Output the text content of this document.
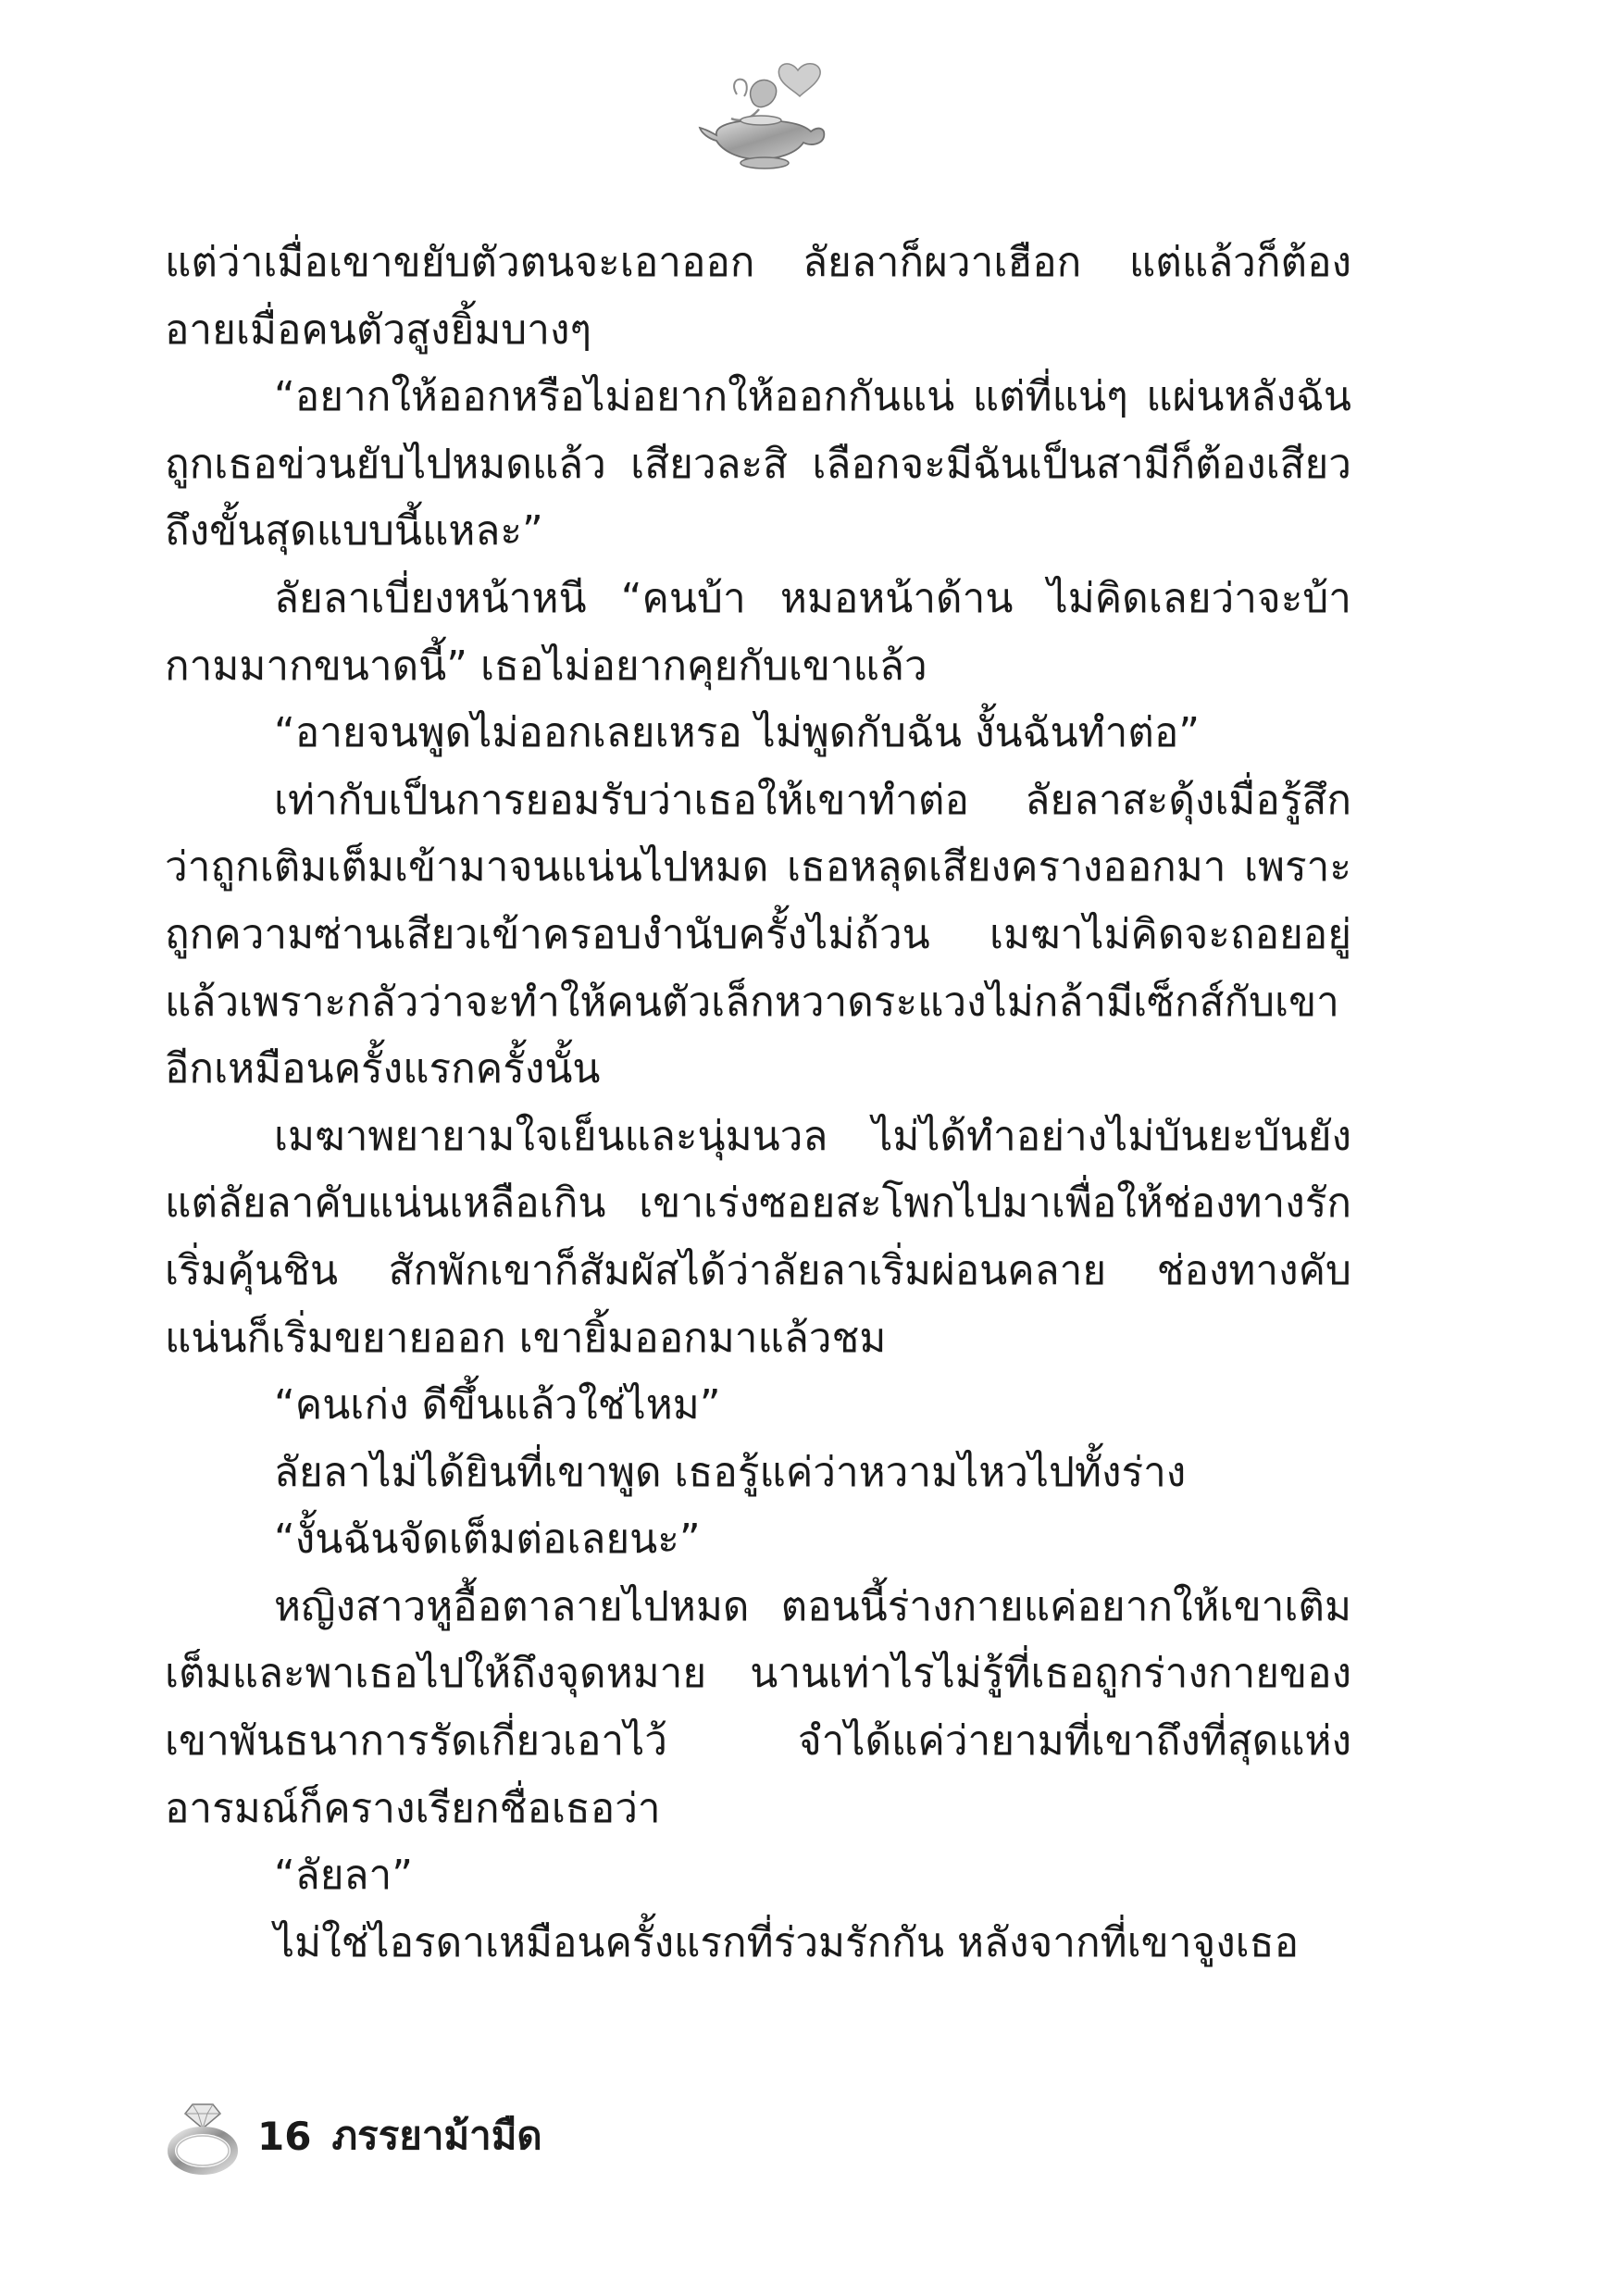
แต่ว่าเมื่อเขาขยับตัวตนจะเอาออก ลัยลาก็ผวาเฮือก แต่แล้วก็ต้องอายเมื่อคนตัวสูงยิ้มบางๆ

“อยากให้ออกหรือไม่อยากให้ออกกันแน่ แต่ที่แน่ๆ แผ่นหลังฉันถูกเธอข่วนยับไปหมดแล้ว เสียวละสิ เลือกจะมีฉันเป็นสามีก็ต้องเสียวถึงขั้นสุดแบบนี้แหละ”

ลัยลาเบี่ยงหน้าหนี “คนบ้า หมอหน้าด้าน ไม่คิดเลยว่าจะบ้ากามมากขนาดนี้” เธอไม่อยากคุยกับเขาแล้ว

“อายจนพูดไม่ออกเลยเหรอ ไม่พูดกับฉัน งั้นฉันทำต่อ”

เท่ากับเป็นการยอมรับว่าเธอให้เขาทำต่อ ลัยลาสะดุ้งเมื่อรู้สึกว่าถูกเติมเต็มเข้ามาจนแน่นไปหมด เธอหลุดเสียงครางออกมา เพราะถูกความซ่านเสียวเข้าครอบงำนับครั้งไม่ถ้วน เมฆาไม่คิดจะถอยอยู่แล้วเพราะกลัวว่าจะทำให้คนตัวเล็กหวาดระแวงไม่กล้ามีเซ็กส์กับเขาอีกเหมือนครั้งแรกครั้งนั้น

เมฆาพยายามใจเย็นและนุ่มนวล ไม่ได้ทำอย่างไม่บันยะบันยังแต่ลัยลาคับแน่นเหลือเกิน เขาเร่งซอยสะโพกไปมาเพื่อให้ช่องทางรักเริ่มคุ้นชิน สักพักเขาก็สัมผัสได้ว่าลัยลาเริ่มผ่อนคลาย ช่องทางคับแน่นก็เริ่มขยายออก เขายิ้มออกมาแล้วชม

“คนเก่ง ดีขึ้นแล้วใช่ไหม”

ลัยลาไม่ได้ยินที่เขาพูด เธอรู้แค่ว่าหวามไหวไปทั้งร่าง

“งั้นฉันจัดเต็มต่อเลยนะ”

หญิงสาวหูอื้อตาลายไปหมด ตอนนี้ร่างกายแค่อยากให้เขาเติมเต็มและพาเธอไปให้ถึงจุดหมาย นานเท่าไรไม่รู้ที่เธอถูกร่างกายของเขาพันธนาการรัดเกี่ยวเอาไว้ จำได้แค่ว่ายามที่เขาถึงที่สุดแห่งอารมณ์ก็ครางเรียกชื่อเธอว่า

“ลัยลา”

ไม่ใช่ไอรดาเหมือนครั้งแรกที่ร่วมรักกัน หลังจากที่เขาจูงเธอ

16 ภรรยาม้ามืด
